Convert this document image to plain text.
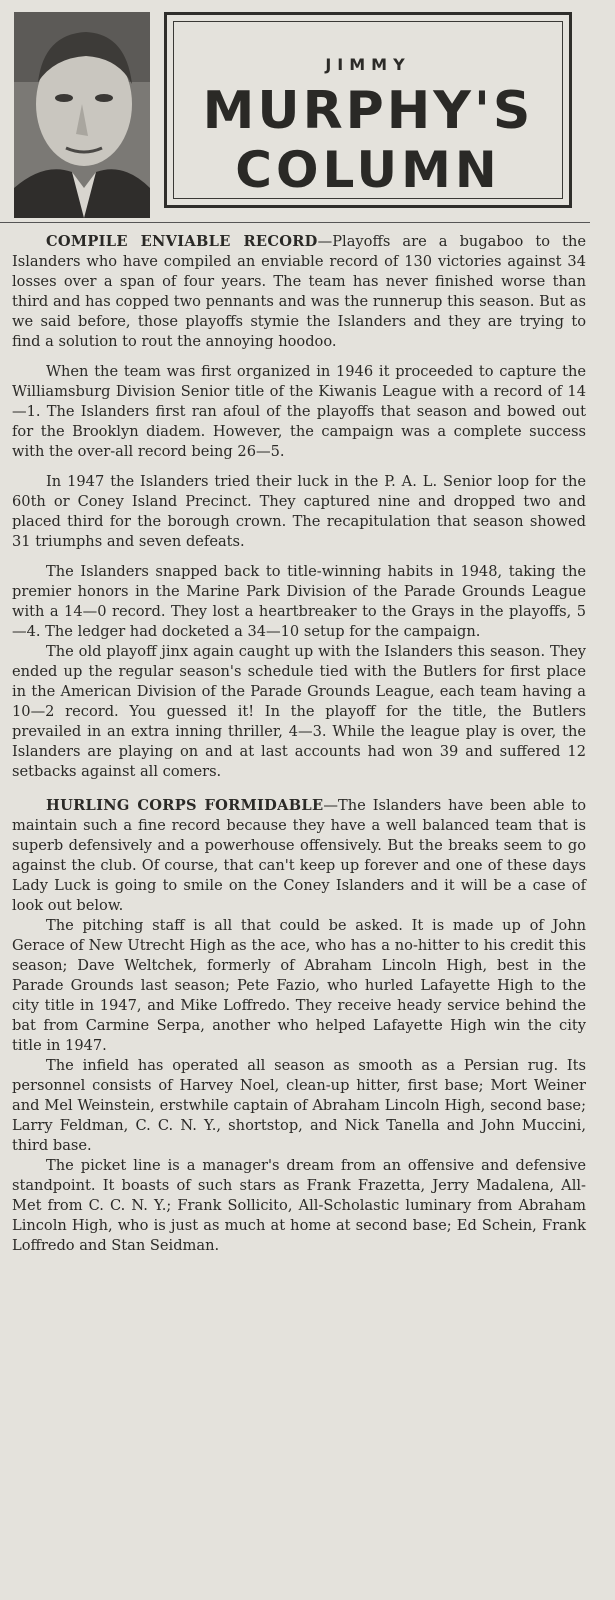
JIMMY
MURPHY'S
COLUMN

COMPILE ENVIABLE RECORD—Playoffs are a bugaboo to the Islanders who have compiled an enviable record of 130 victories against 34 losses over a span of four years. The team has never finished worse than third and has copped two pennants and was the runnerup this season. But as we said before, those playoffs stymie the Islanders and they are trying to find a solution to rout the annoying hoodoo.

When the team was first organized in 1946 it proceeded to capture the Williamsburg Division Senior title of the Kiwanis League with a record of 14—1. The Islanders first ran afoul of the playoffs that season and bowed out for the Brooklyn diadem. However, the campaign was a complete success with the over-all record being 26—5.

In 1947 the Islanders tried their luck in the P. A. L. Senior loop for the 60th or Coney Island Precinct. They captured nine and dropped two and placed third for the borough crown. The recapitulation that season showed 31 triumphs and seven defeats.

The Islanders snapped back to title-winning habits in 1948, taking the premier honors in the Marine Park Division of the Parade Grounds League with a 14—0 record. They lost a heartbreaker to the Grays in the playoffs, 5—4. The ledger had docketed a 34—10 setup for the campaign.

The old playoff jinx again caught up with the Islanders this season. They ended up the regular season's schedule tied with the Butlers for first place in the American Division of the Parade Grounds League, each team having a 10—2 record. You guessed it! In the playoff for the title, the Butlers prevailed in an extra inning thriller, 4—3. While the league play is over, the Islanders are playing on and at last accounts had won 39 and suffered 12 setbacks against all comers.

HURLING CORPS FORMIDABLE—The Islanders have been able to maintain such a fine record because they have a well balanced team that is superb defensively and a powerhouse offensively. But the breaks seem to go against the club. Of course, that can't keep up forever and one of these days Lady Luck is going to smile on the Coney Islanders and it will be a case of look out below.

The pitching staff is all that could be asked. It is made up of John Gerace of New Utrecht High as the ace, who has a no-hitter to his credit this season; Dave Weltchek, formerly of Abraham Lincoln High, best in the Parade Grounds last season; Pete Fazio, who hurled Lafayette High to the city title in 1947, and Mike Loffredo. They receive heady service behind the bat from Carmine Serpa, another who helped Lafayette High win the city title in 1947.

The infield has operated all season as smooth as a Persian rug. Its personnel consists of Harvey Noel, clean-up hitter, first base; Mort Weiner and Mel Weinstein, erstwhile captain of Abraham Lincoln High, second base; Larry Feldman, C. C. N. Y., shortstop, and Nick Tanella and John Muccini, third base.

The picket line is a manager's dream from an offensive and defensive standpoint. It boasts of such stars as Frank Frazetta, Jerry Madalena, All-Met from C. C. N. Y.; Frank Sollicito, All-Scholastic luminary from Abraham Lincoln High, who is just as much at home at second base; Ed Schein, Frank Loffredo and Stan Seidman.
